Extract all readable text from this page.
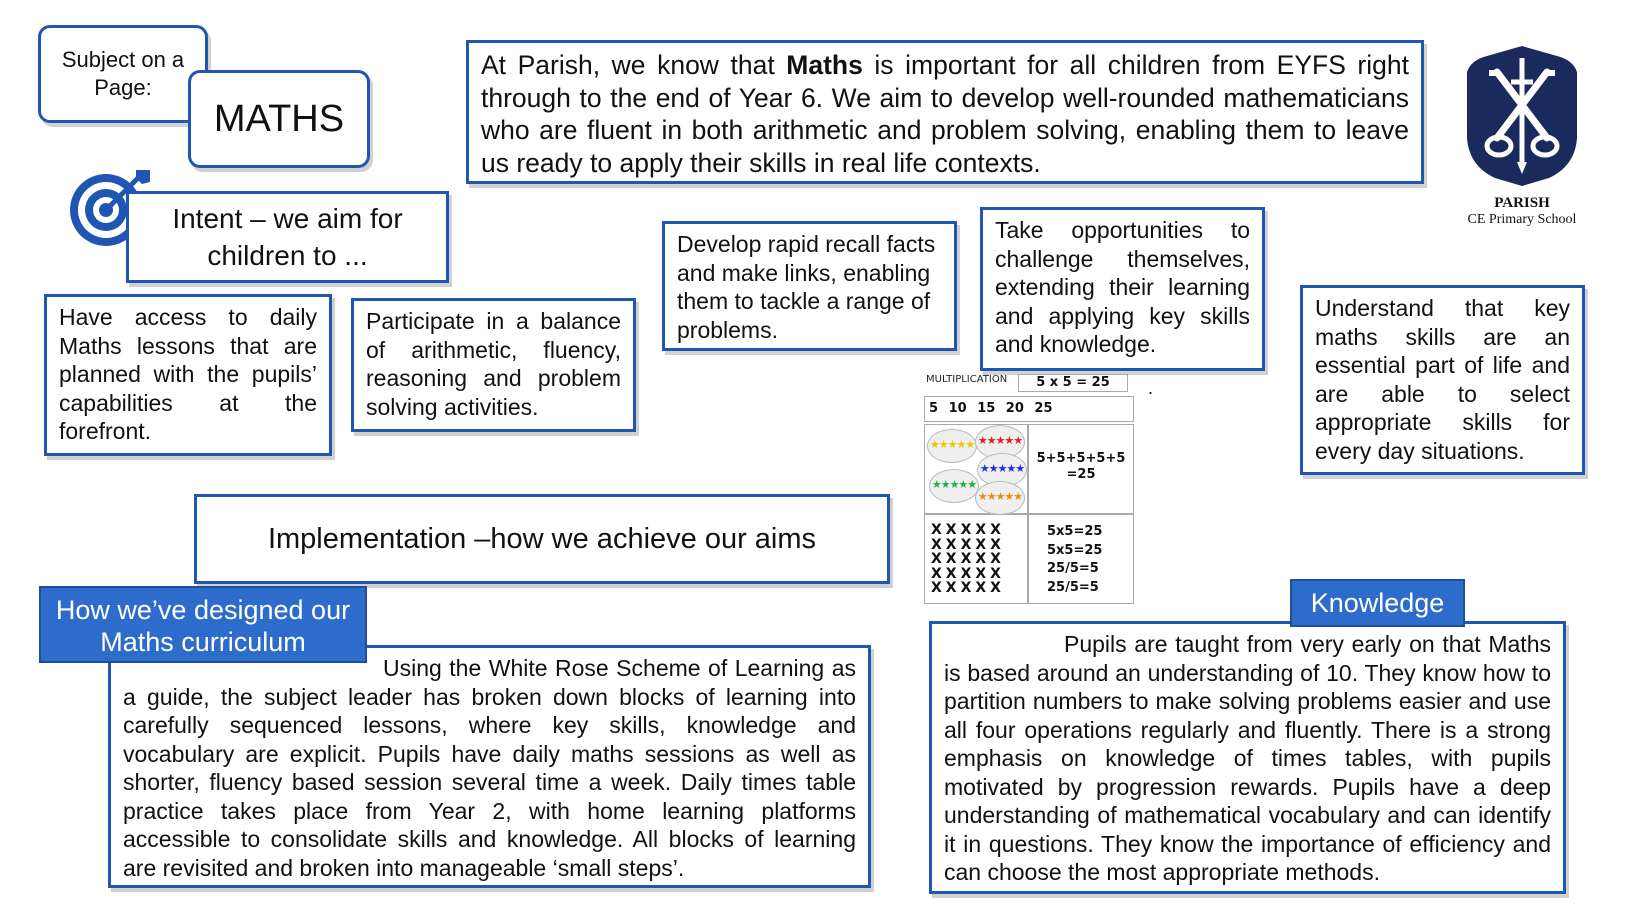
Subject on a Page:
MATHS
At Parish, we know that Maths is important for all children from EYFS right through to the end of Year 6. We aim to develop well-rounded mathematicians who are fluent in both arithmetic and problem solving, enabling them to leave us ready to apply their skills in real life contexts.
PARISH
CE Primary School
Intent – we aim for children to ...
Have access to daily Maths lessons that are planned with the pupils’ capabilities at the forefront.
Participate in a balance of arithmetic, fluency, reasoning and problem solving activities.
Develop rapid recall facts and make links, enabling them to tackle a range of problems.
Take opportunities to challenge themselves, extending their learning and applying key skills and knowledge.
Understand that key maths skills are an essential part of life and are able to select appropriate skills for every day situations.
MULTIPLICATION	5 x 5 = 25
5 10 15 20 25
★★★★★ ★★★★★
★★★★★
★★★★★
★★★★★
5+5+5+5+5 =25
XXXXX
XXXXX
XXXXX
XXXXX
XXXXX
5x5=25
5x5=25
25/5=5
25/5=5
.
Implementation –how we achieve our aims
How we’ve designed our Maths curriculum
Using the White Rose Scheme of Learning as a guide, the subject leader has broken down blocks of learning into carefully sequenced lessons, where key skills, knowledge and vocabulary are explicit. Pupils have daily maths sessions as well as shorter, fluency based session several time a week. Daily times table practice takes place from Year 2, with home learning platforms accessible to consolidate skills and knowledge. All blocks of learning are revisited and broken into manageable ‘small steps’.
Knowledge
Pupils are taught from very early on that Maths is based around an understanding of 10. They know how to partition numbers to make solving problems easier and use all four operations regularly and fluently. There is a strong emphasis on knowledge of times tables, with pupils motivated by progression rewards. Pupils have a deep understanding of mathematical vocabulary and can identify it in questions. They know the importance of efficiency and can choose the most appropriate methods.
